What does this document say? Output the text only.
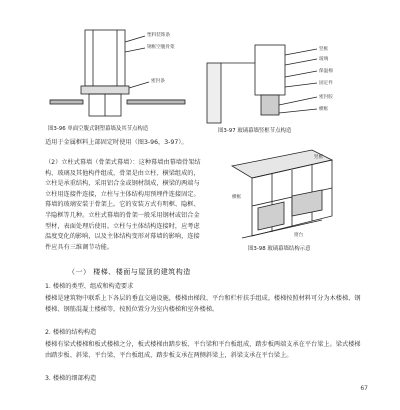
塑料装饰条
钢框空腹骨架
密封条
图3-96 单面空腹式钢塑幕墙及其节点构造
竖框
玻璃
保温棉
固定件
密封胶
横框
图3-97 玻璃幕墙竖框节点构造
竖框
横框
窗台
图3-98 玻璃幕墙结构示意
适用于金属框料上部固定时使用（图3-96，3-97）。
（2）立柱式幕墙（骨架式幕墙）：这种幕墙由幕墙骨架结构、玻璃及其他构件组成，骨架是由立柱、横梁组成的，立柱是承重结构，采用铝合金或钢材制成，横梁的两端与立柱用连接件连接，立柱与主体结构用预埋件连接固定。幕墙的玻璃安装于骨架上。它的安装方式有明框、隐框、半隐框等几种。立柱式幕墙的骨架一般采用钢材或铝合金型材，表面处理后使用。立柱与主体结构连接时，应考虑温度变化的影响，以及主体结构变形对幕墙的影响，连接件应具有三维调节功能。
（一） 楼梯、楼面与屋顶的建筑构造
1. 楼梯的类型、组成和构造要求
楼梯是建筑物中联系上下各层的垂直交通设施，楼梯由梯段、平台和栏杆扶手组成。楼梯按照材料可分为木楼梯、钢楼梯、钢筋混凝土楼梯等，按照位置分为室内楼梯和室外楼梯。
2. 楼梯的结构构造
楼梯有梁式楼梯和板式楼梯之分，板式楼梯由踏步板、平台梁和平台板组成，踏步板两端支承在平台梁上。梁式楼梯由踏步板、斜梁、平台梁、平台板组成，踏步板支承在两侧斜梁上，斜梁支承在平台梁上。
3. 楼梯的细部构造
67
